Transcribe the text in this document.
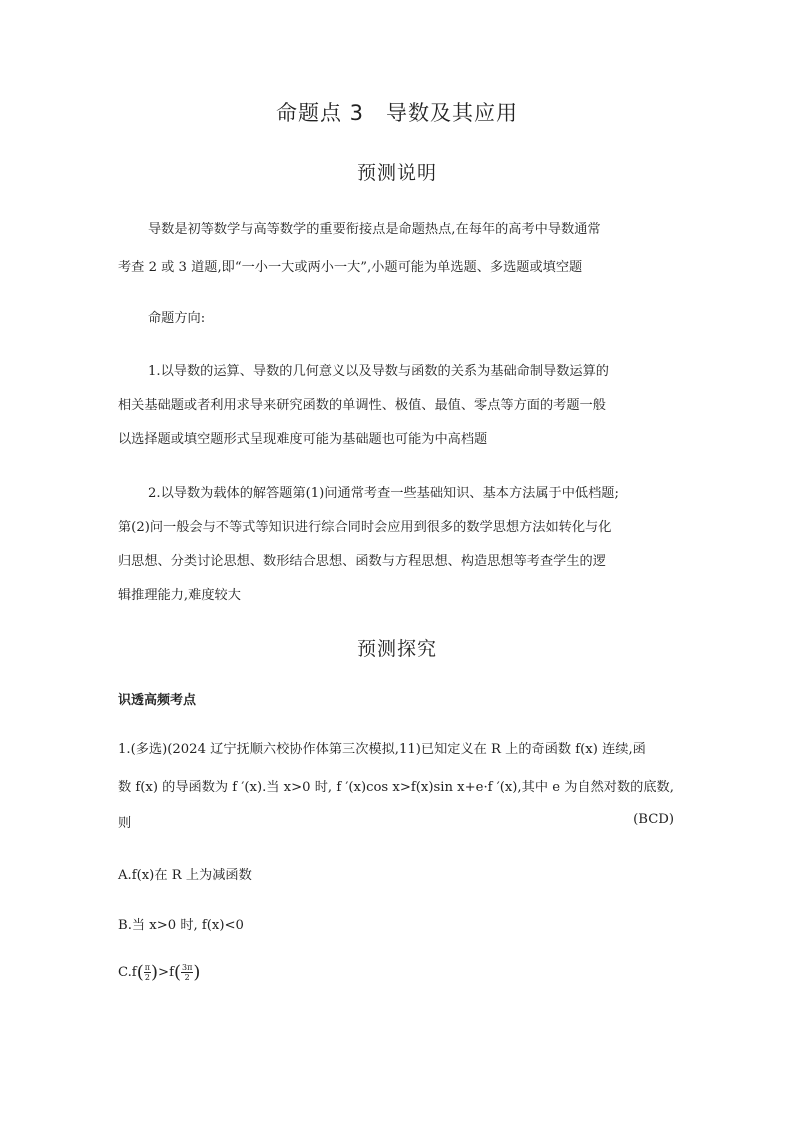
命题点 3　导数及其应用
预测说明
导数是初等数学与高等数学的重要衔接点是命题热点,在每年的高考中导数通常
考查 2 或 3 道题,即“一小一大或两小一大”,小题可能为单选题、多选题或填空题
命题方向:
1.以导数的运算、导数的几何意义以及导数与函数的关系为基础命制导数运算的
相关基础题或者利用求导来研究函数的单调性、极值、最值、零点等方面的考题一般
以选择题或填空题形式呈现难度可能为基础题也可能为中高档题
2.以导数为载体的解答题第(1)问通常考查一些基础知识、基本方法属于中低档题;
第(2)问一般会与不等式等知识进行综合同时会应用到很多的数学思想方法如转化与化
归思想、分类讨论思想、数形结合思想、函数与方程思想、构造思想等考查学生的逻
辑推理能力,难度较大
预测探究
识透高频考点
1.(多选)(2024 辽宁抚顺六校协作体第三次模拟,11)已知定义在 R 上的奇函数 f(x) 连续,函
数 f(x) 的导函数为 f ′(x).当 x>0 时, f ′(x)cos x>f(x)sin x+e·f ′(x),其中 e 为自然对数的底数,
则	(BCD)
A.f(x)在 R 上为减函数
B.当 x>0 时, f(x)<0
$C.f( \frac{\pi}{2} )>f( \frac{3\pi}{2}$ )
